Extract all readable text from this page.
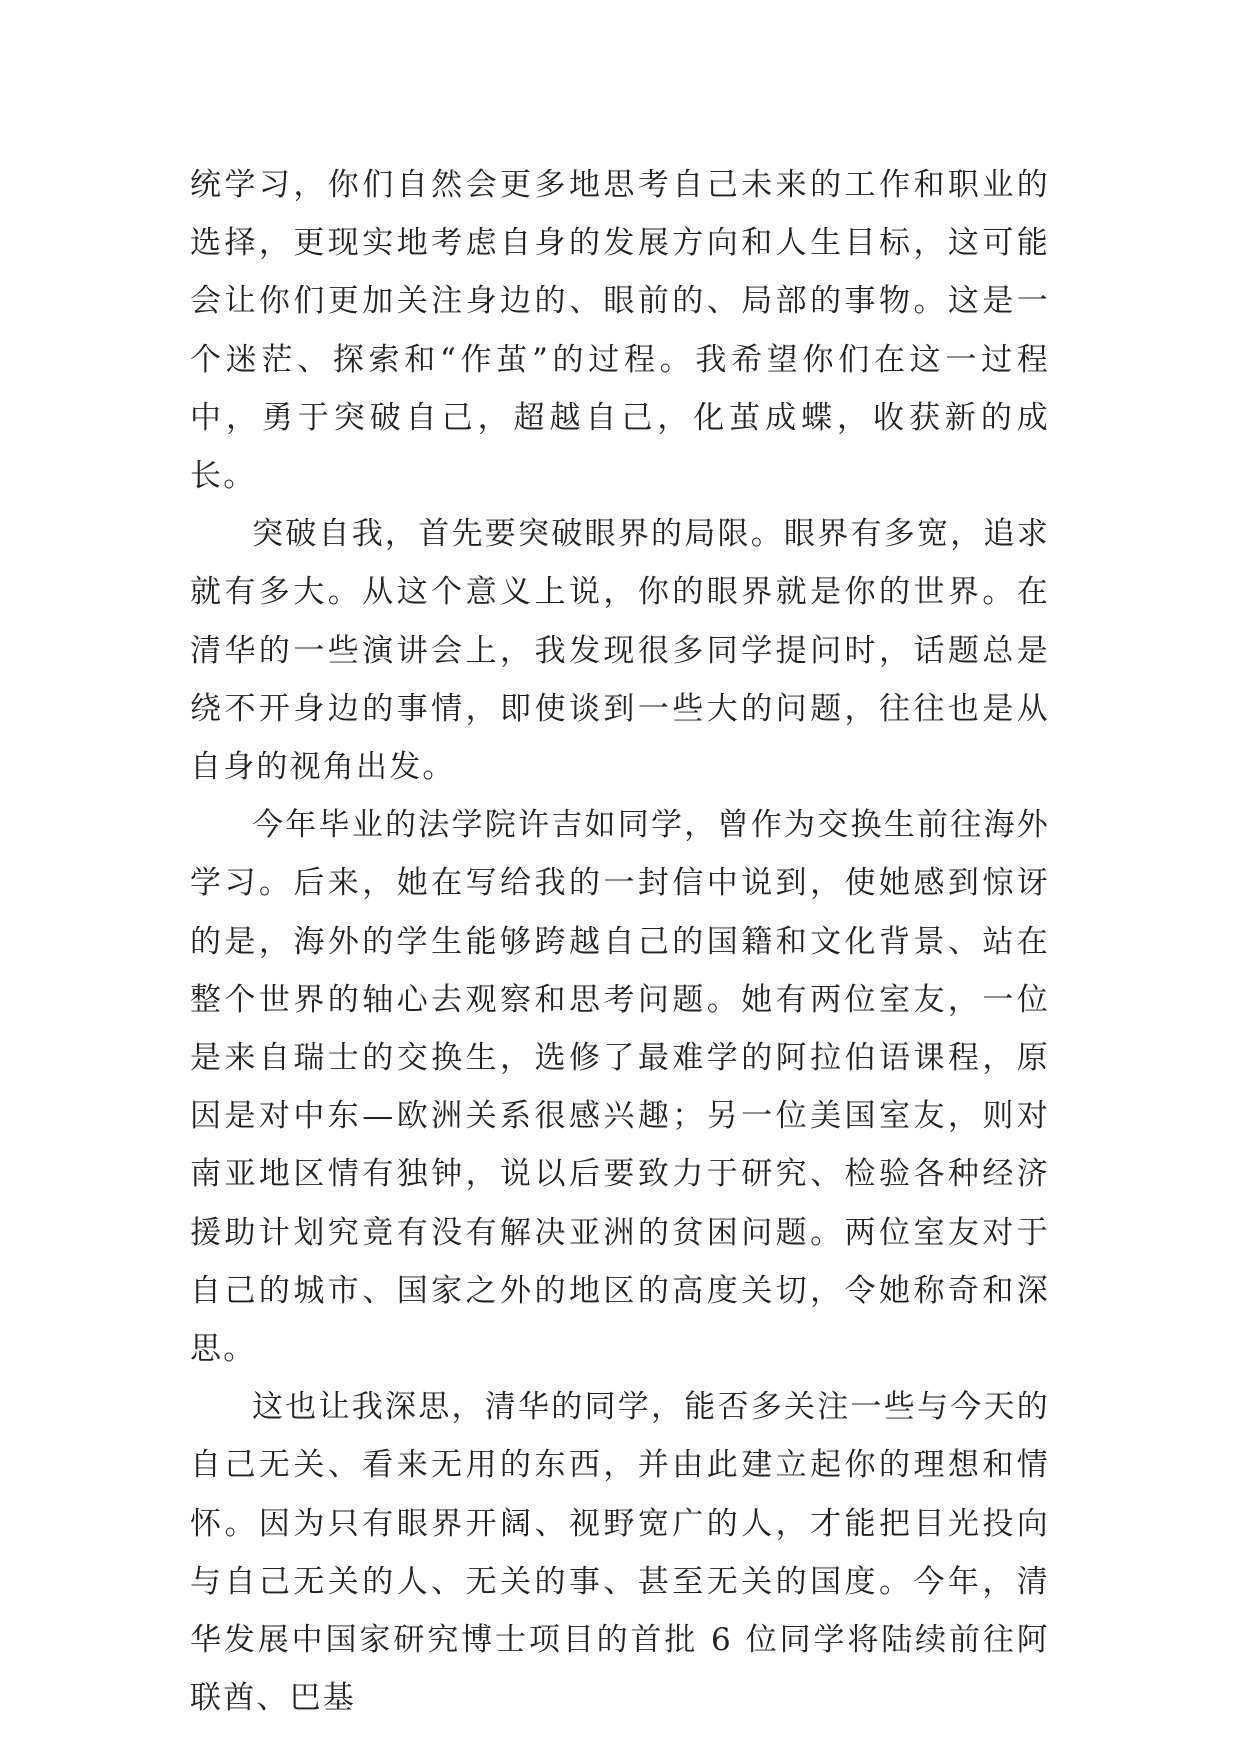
统学习，你们自然会更多地思考自己未来的工作和职业的选择，更现实地考虑自身的发展方向和人生目标，这可能会让你们更加关注身边的、眼前的、局部的事物。这是一个迷茫、探索和“作茧”的过程。我希望你们在这一过程中，勇于突破自己，超越自己，化茧成蝶，收获新的成长。

突破自我，首先要突破眼界的局限。眼界有多宽，追求就有多大。从这个意义上说，你的眼界就是你的世界。在清华的一些演讲会上，我发现很多同学提问时，话题总是绕不开身边的事情，即使谈到一些大的问题，往往也是从自身的视角出发。

今年毕业的法学院许吉如同学，曾作为交换生前往海外学习。后来，她在写给我的一封信中说到，使她感到惊讶的是，海外的学生能够跨越自己的国籍和文化背景、站在整个世界的轴心去观察和思考问题。她有两位室友，一位是来自瑞士的交换生，选修了最难学的阿拉伯语课程，原因是对中东—欧洲关系很感兴趣；另一位美国室友，则对南亚地区情有独钟，说以后要致力于研究、检验各种经济援助计划究竟有没有解决亚洲的贫困问题。两位室友对于自己的城市、国家之外的地区的高度关切，令她称奇和深思。

这也让我深思，清华的同学，能否多关注一些与今天的自己无关、看来无用的东西，并由此建立起你的理想和情怀。因为只有眼界开阔、视野宽广的人，才能把目光投向与自己无关的人、无关的事、甚至无关的国度。今年，清华发展中国家研究博士项目的首批 6 位同学将陆续前往阿联酋、巴基
